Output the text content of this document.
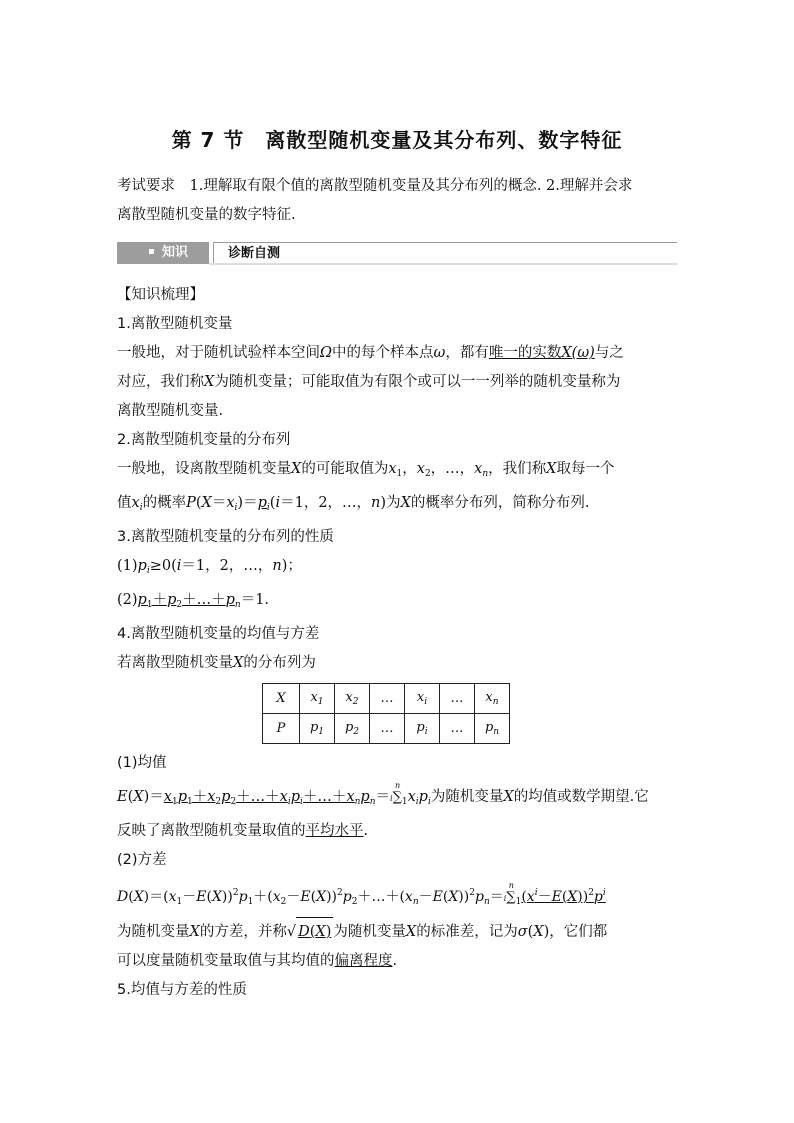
第 7 节　离散型随机变量及其分布列、数字特征
考试要求　1.理解取有限个值的离散型随机变量及其分布列的概念. 2.理解并会求
离散型随机变量的数字特征.
知识	诊断自测
【知识梳理】
1.离散型随机变量
一般地，对于随机试验样本空间Ω中的每个样本点ω，都有唯一的实数X(ω)与之
对应，我们称X为随机变量；可能取值为有限个或可以一一列举的随机变量称为
离散型随机变量.
2.离散型随机变量的分布列
一般地，设离散型随机变量X的可能取值为$x_1$，$x_2$，…，$x_n$，我们称X取每一个
值$x_i$的概率$P(X=x_i)=p_i(i=1$，2，…，n)为X的概率分布列，简称分布列.
3.离散型随机变量的分布列的性质
$(1)p_i\ge 0(i=1$，2，…，n)；
$(2)p_1+p_2+\dots+p_n=1$.
4.离散型随机变量的均值与方差
若离散型随机变量X的分布列为
X	$x_1$	$x_2$	…	$x_i$	…	$x_n$
P	$p_1$	$p_2$	…	$p_i$	…	$p_n$
(1)均值
$E(X)=x_1p_1+x_2p_2+\dots+x_ip_i+\dots+x_np_n=$
n
$i\sum_1x_ip_i$为随机变量X的均值或数学期望.它
反映了离散型随机变量取值的平均水平.
(2)方差
$D(X)=(x_1-E(X))^2p_1+(x_2-E(X))^2p_2+\dots+(x_n-E(X))^2p_n=$
n
$i\sum_1(x^i-E(X))^2p^i$
为随机变量X的方差，并称√ D(X) 为随机变量X的标准差，记为σ(X)，它们都
可以度量随机变量取值与其均值的偏离程度.
5.均值与方差的性质
